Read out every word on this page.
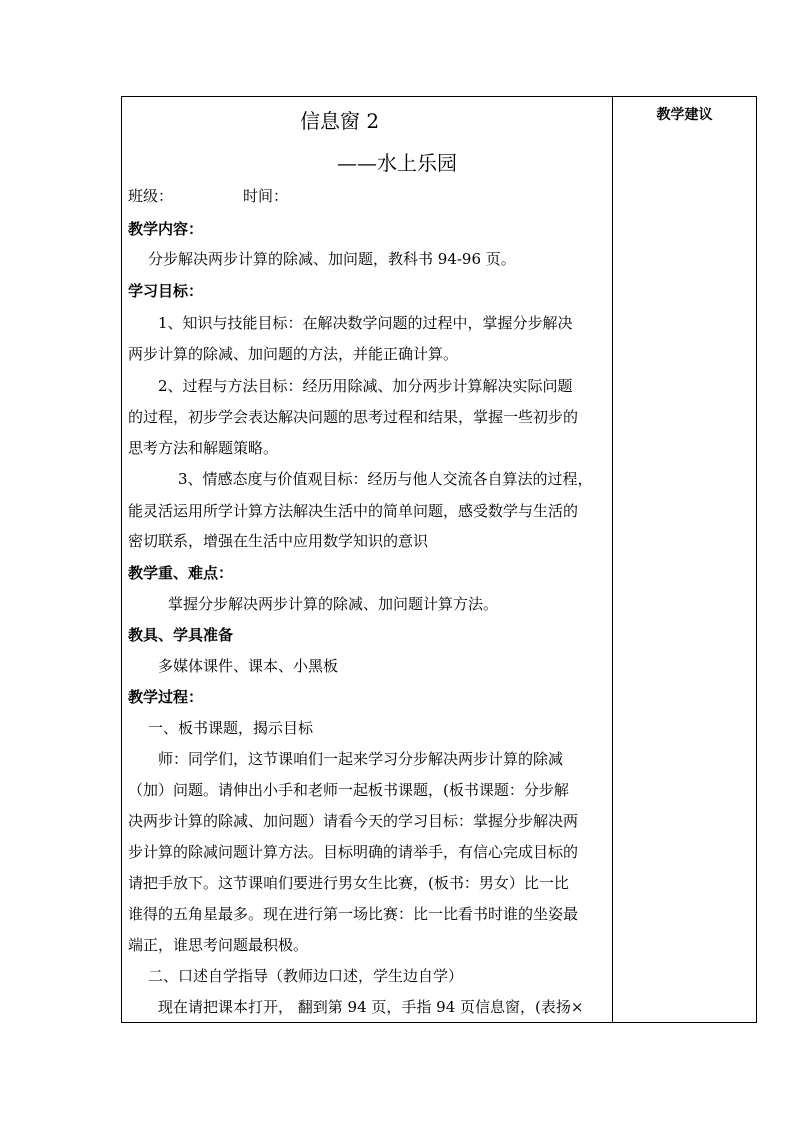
信息窗 2
——水上乐园
班级：	时间：
教学内容：
分步解决两步计算的除减、加问题，教科书 94-96 页。
学习目标：
1、知识与技能目标：在解决数学问题的过程中，掌握分步解决
两步计算的除减、加问题的方法，并能正确计算。
2、过程与方法目标：经历用除减、加分两步计算解决实际问题
的过程，初步学会表达解决问题的思考过程和结果，掌握一些初步的
思考方法和解题策略。
3、情感态度与价值观目标：经历与他人交流各自算法的过程，
能灵活运用所学计算方法解决生活中的简单问题，感受数学与生活的
密切联系，增强在生活中应用数学知识的意识
教学重、难点：
掌握分步解决两步计算的除减、加问题计算方法。
教具、学具准备
多媒体课件、课本、小黑板
教学过程：
一、板书课题，揭示目标
师：同学们，这节课咱们一起来学习分步解决两步计算的除减
（加）问题。请伸出小手和老师一起板书课题，(板书课题：分步解
决两步计算的除减、加问题）请看今天的学习目标：掌握分步解决两
步计算的除减问题计算方法。目标明确的请举手，有信心完成目标的
请把手放下。这节课咱们要进行男女生比赛，(板书：男女）比一比
谁得的五角星最多。现在进行第一场比赛：比一比看书时谁的坐姿最
端正，谁思考问题最积极。
二、口述自学指导（教师边口述，学生边自学）
现在请把课本打开， 翻到第 94 页，手指 94 页信息窗，(表扬×
教学建议
